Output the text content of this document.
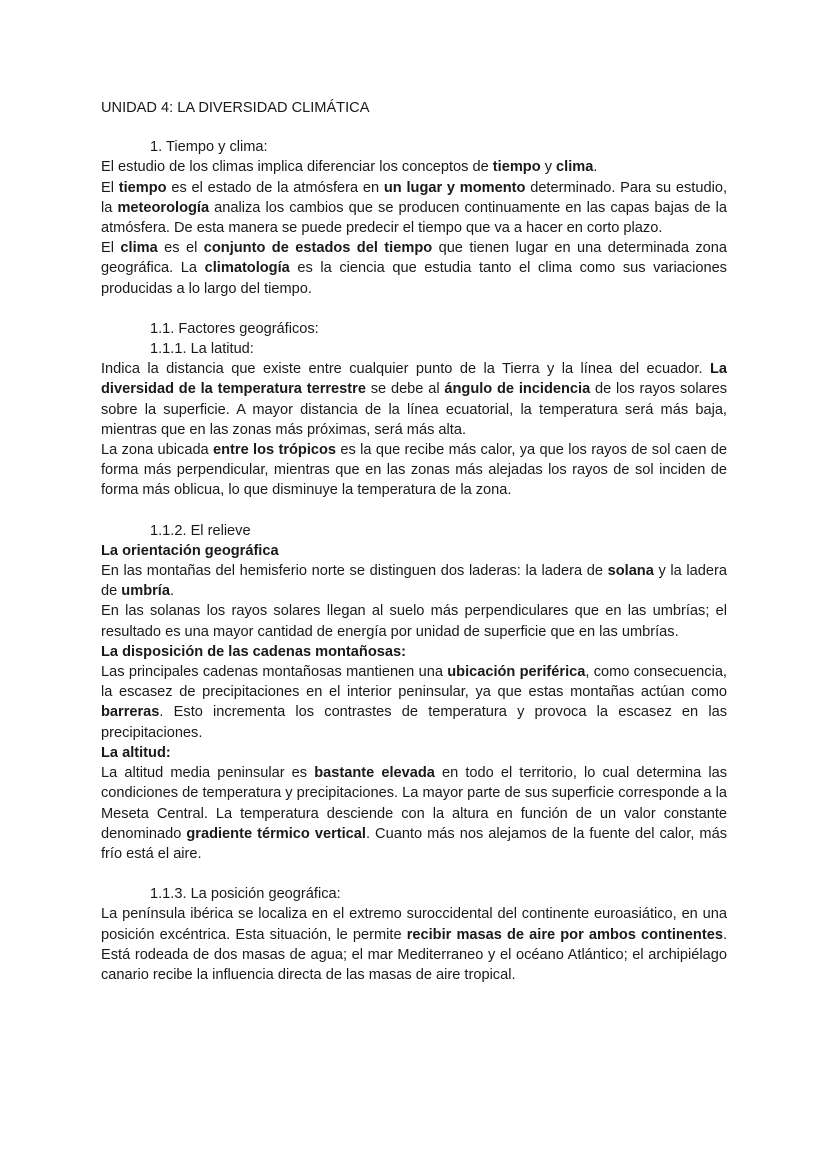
UNIDAD 4: LA DIVERSIDAD CLIMÁTICA

1. Tiempo y clima:

El estudio de los climas implica diferenciar los conceptos de tiempo y clima.

El tiempo es el estado de la atmósfera en un lugar y momento determinado. Para su estudio, la meteorología analiza los cambios que se producen continuamente en las capas bajas de la atmósfera. De esta manera se puede predecir el tiempo que va a hacer en corto plazo.

El clima es el conjunto de estados del tiempo que tienen lugar en una determinada zona geográfica. La climatología es la ciencia que estudia tanto el clima como sus variaciones producidas a lo largo del tiempo.

1.1. Factores geográficos:

1.1.1. La latitud:

Indica la distancia que existe entre cualquier punto de la Tierra y la línea del ecuador. La diversidad de la temperatura terrestre se debe al ángulo de incidencia de los rayos solares sobre la superficie. A mayor distancia de la línea ecuatorial, la temperatura será más baja, mientras que en las zonas más próximas, será más alta.

La zona ubicada entre los trópicos es la que recibe más calor, ya que los rayos de sol caen de forma más perpendicular, mientras que en las zonas más alejadas los rayos de sol inciden de forma más oblicua, lo que disminuye la temperatura de la zona.

1.1.2. El relieve

La orientación geográfica

En las montañas del hemisferio norte se distinguen dos laderas: la ladera de solana y la ladera de umbría.

En las solanas los rayos solares llegan al suelo más perpendiculares que en las umbrías; el resultado es una mayor cantidad de energía por unidad de superficie que en las umbrías.

La disposición de las cadenas montañosas:

Las principales cadenas montañosas mantienen una ubicación periférica, como consecuencia, la escasez de precipitaciones en el interior peninsular, ya que estas montañas actúan como barreras. Esto incrementa los contrastes de temperatura y provoca la escasez en las precipitaciones.

La altitud:

La altitud media peninsular es bastante elevada en todo el territorio, lo cual determina las condiciones de temperatura y precipitaciones. La mayor parte de sus superficie corresponde a la Meseta Central. La temperatura desciende con la altura en función de un valor constante denominado gradiente térmico vertical. Cuanto más nos alejamos de la fuente del calor, más frío está el aire.

1.1.3. La posición geográfica:

La península ibérica se localiza en el extremo suroccidental del continente euroasiático, en una posición excéntrica. Esta situación, le permite recibir masas de aire por ambos continentes. Está rodeada de dos masas de agua; el mar Mediterraneo y el océano Atlántico; el archipiélago canario recibe la influencia directa de las masas de aire tropical.
